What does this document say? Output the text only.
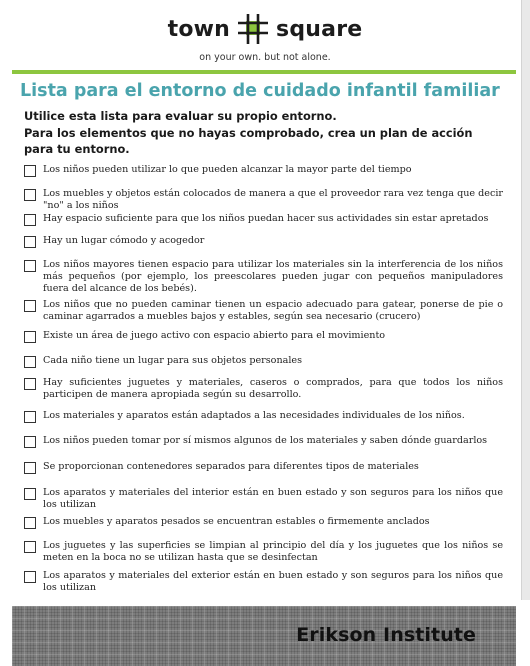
town square
on your own. but not alone.
Lista para el entorno de cuidado infantil familiar

Utilice esta lista para evaluar su propio entorno.

Para los elementos que no hayas comprobado, crea un plan de acción para tu entorno.

Los niños pueden utilizar lo que pueden alcanzar la mayor parte del tiempo
Los muebles y objetos están colocados de manera a que el proveedor rara vez tenga que decir "no" a los niños
Hay espacio suficiente para que los niños puedan hacer sus actividades sin estar apretados
Hay un lugar cómodo y acogedor
Los niños mayores tienen espacio para utilizar los materiales sin la interferencia de los niños más pequeños (por ejemplo, los preescolares pueden jugar con pequeños manipuladores fuera del alcance de los bebés).
Los niños que no pueden caminar tienen un espacio adecuado para gatear, ponerse de pie o caminar agarrados a muebles bajos y estables, según sea necesario (crucero)
Existe un área de juego activo con espacio abierto para el movimiento
Cada niño tiene un lugar para sus objetos personales
Hay suficientes juguetes y materiales, caseros o comprados, para que todos los niños participen de manera apropiada según su desarrollo.
Los materiales y aparatos están adaptados a las necesidades individuales de los niños.
Los niños pueden tomar por sí mismos algunos de los materiales y saben dónde guardarlos
Se proporcionan contenedores separados para diferentes tipos de materiales
Los aparatos y materiales del interior están en buen estado y son seguros para los niños que los utilizan
Los muebles y aparatos pesados se encuentran estables o firmemente anclados
Los juguetes y las superficies se limpian al principio del día y los juguetes que los niños se meten en la boca no se utilizan hasta que se desinfectan
Los aparatos y materiales del exterior están en buen estado y son seguros para los niños que los utilizan
Erikson Institute
